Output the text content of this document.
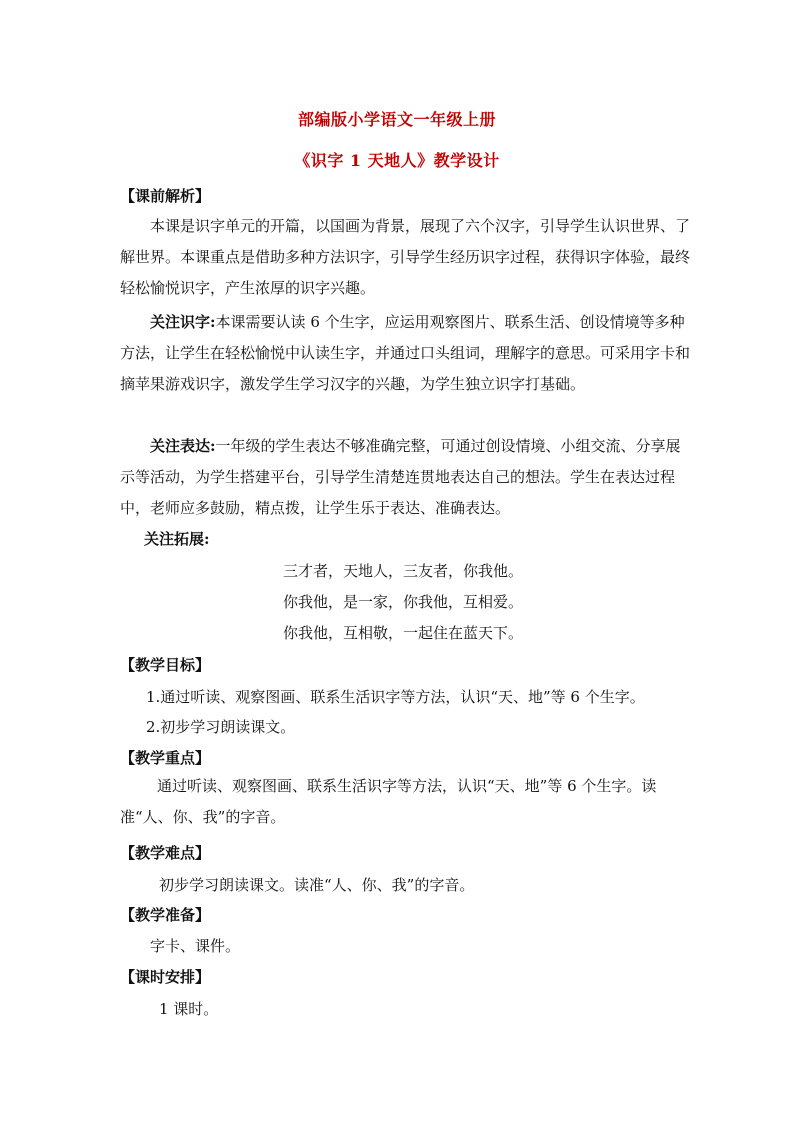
部编版小学语文一年级上册
《识字 1 天地人》教学设计
【课前解析】
本课是识字单元的开篇，以国画为背景，展现了六个汉字，引导学生认识世界、了解世界。本课重点是借助多种方法识字，引导学生经历识字过程，获得识字体验，最终轻松愉悦识字，产生浓厚的识字兴趣。
关注识字:本课需要认读 6 个生字，应运用观察图片、联系生活、创设情境等多种方法，让学生在轻松愉悦中认读生字，并通过口头组词，理解字的意思。可采用字卡和摘苹果游戏识字，激发学生学习汉字的兴趣，为学生独立识字打基础。
关注表达:一年级的学生表达不够准确完整，可通过创设情境、小组交流、分享展示等活动，为学生搭建平台，引导学生清楚连贯地表达自己的想法。学生在表达过程中，老师应多鼓励，精点拨，让学生乐于表达、准确表达。
关注拓展:
三才者，天地人，三友者，你我他。
你我他，是一家，你我他，互相爱。
你我他，互相敬，一起住在蓝天下。
【教学目标】
1.通过听读、观察图画、联系生活识字等方法，认识“天、地”等 6 个生字。
2.初步学习朗读课文。
【教学重点】
通过听读、观察图画、联系生活识字等方法，认识“天、地”等 6 个生字。读准“人、你、我”的字音。
【教学难点】
初步学习朗读课文。读准“人、你、我”的字音。
【教学准备】
字卡、课件。
【课时安排】
1 课时。
